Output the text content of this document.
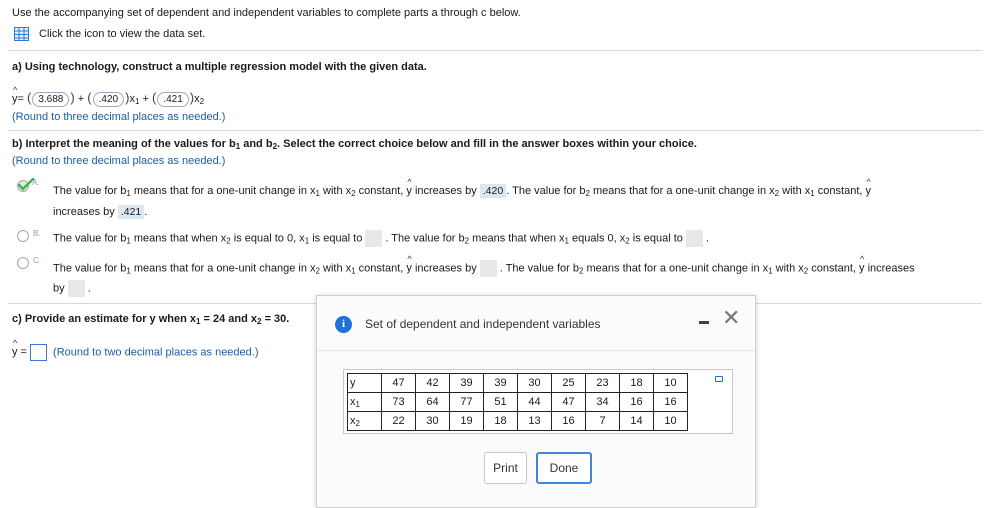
Use the accompanying set of dependent and independent variables to complete parts a through c below.
Click the icon to view the data set.
a) Using technology, construct a multiple regression model with the given data.
^ y= ( 3.688 ) + ( .420 )$x_1$ + ( .421 )$x_2$
(Round to three decimal places as needed.)
b) Interpret the meaning of the values for $b_1$ and $b_2$. Select the correct choice below and fill in the answer boxes within your choice.
(Round to three decimal places as needed.)
A.
The value for $b_1$ means that for a one-unit change in $x_1$ with $x_2$ constant, ^ y increases by .420 . The value for $b_2$ means that for a one-unit change in $x_2$ with $x_1$ constant, ^ y
increases by .421 .
B. The value for $b_1$ means that when $x_2$ is equal to 0, $x_1$ is equal to . The value for $b_2$ means that when $x_1$ equals 0, $x_2$ is equal to .
C.
The value for $b_1$ means that for a one-unit change in $x_2$ with $x_1$ constant, ^ y increases by . The value for $b_2$ means that for a one-unit change in $x_1$ with $x_2$ constant, ^ y increases
by .
c) Provide an estimate for y when $x_1 = 24$ and $x_2 = 30$.
^ y = (Round to two decimal places as needed.)
i	Set of dependent and independent variables	✕
y	47	42	39	39	30	25	23	18	10
$x_1$	73	64	77	51	44	47	34	16	16
$x_2$	22	30	19	18	13	16	7	14	10
Print	Done
